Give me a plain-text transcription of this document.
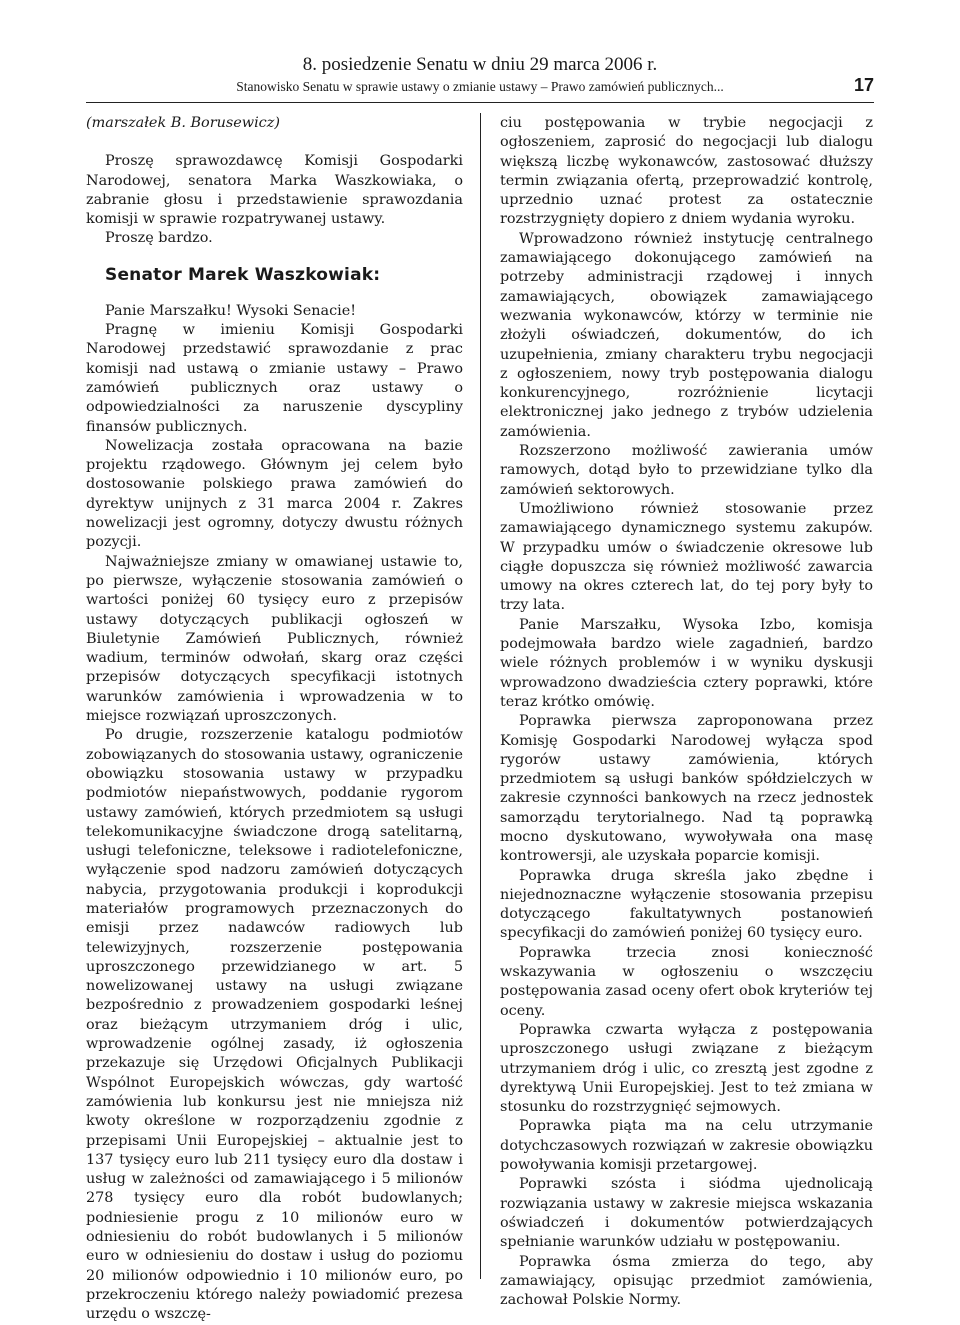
8. posiedzenie Senatu w dniu 29 marca 2006 r.
Stanowisko Senatu w sprawie ustawy o zmianie ustawy – Prawo zamówień publicznych...	17

(marszałek B. Borusewicz)

Proszę sprawozdawcę Komisji Gospodarki Narodowej, senatora Marka Waszkowiaka, o zabranie głosu i przedstawienie sprawozdania komisji w sprawie rozpatrywanej ustawy.

Proszę bardzo.

Senator Marek Waszkowiak:

Panie Marszałku! Wysoki Senacie!

Pragnę w imieniu Komisji Gospodarki Narodowej przedstawić sprawozdanie z prac komisji nad ustawą o zmianie ustawy – Prawo zamówień publicznych oraz ustawy o odpowiedzialności za naruszenie dyscypliny finansów publicznych.

Nowelizacja została opracowana na bazie projektu rządowego. Głównym jej celem było dostosowanie polskiego prawa zamówień do dyrektyw unijnych z 31 marca 2004 r. Zakres nowelizacji jest ogromny, dotyczy dwustu różnych pozycji.

Najważniejsze zmiany w omawianej ustawie to, po pierwsze, wyłączenie stosowania zamówień o wartości poniżej 60 tysięcy euro z przepisów ustawy dotyczących publikacji ogłoszeń w Biuletynie Zamówień Publicznych, również wadium, terminów odwołań, skarg oraz części przepisów dotyczących specyfikacji istotnych warunków zamówienia i wprowadzenia w to miejsce rozwiązań uproszczonych.

Po drugie, rozszerzenie katalogu podmiotów zobowiązanych do stosowania ustawy, ograniczenie obowiązku stosowania ustawy w przypadku podmiotów niepaństwowych, poddanie rygorom ustawy zamówień, których przedmiotem są usługi telekomunikacyjne świadczone drogą satelitarną, usługi telefoniczne, teleksowe i radiotelefoniczne, wyłączenie spod nadzoru zamówień dotyczących nabycia, przygotowania produkcji i koprodukcji materiałów programowych przeznaczonych do emisji przez nadawców radiowych lub telewizyjnych, rozszerzenie postępowania uproszczonego przewidzianego w art. 5 nowelizowanej ustawy na usługi związane bezpośrednio z prowadzeniem gospodarki leśnej oraz bieżącym utrzymaniem dróg i ulic, wprowadzenie ogólnej zasady, iż ogłoszenia przekazuje się Urzędowi Oficjalnych Publikacji Wspólnot Europejskich wówczas, gdy wartość zamówienia lub konkursu jest nie mniejsza niż kwoty określone w rozporządzeniu zgodnie z przepisami Unii Europejskiej – aktualnie jest to 137 tysięcy euro lub 211 tysięcy euro dla dostaw i usług w zależności od zamawiającego i 5 milionów 278 tysięcy euro dla robót budowlanych; podniesienie progu z 10 milionów euro w odniesieniu do robót budowlanych i 5 milionów euro w odniesieniu do dostaw i usług do poziomu 20 milionów odpowiednio i 10 milionów euro, po przekroczeniu którego należy powiadomić prezesa urzędu o wszczę-

ciu postępowania w trybie negocjacji z ogłoszeniem, zaprosić do negocjacji lub dialogu większą liczbę wykonawców, zastosować dłuższy termin związania ofertą, przeprowadzić kontrolę, uprzednio uznać protest za ostatecznie rozstrzygnięty dopiero z dniem wydania wyroku.

Wprowadzono również instytucję centralnego zamawiającego dokonującego zamówień na potrzeby administracji rządowej i innych zamawiających, obowiązek zamawiającego wezwania wykonawców, którzy w terminie nie złożyli oświadczeń, dokumentów, do ich uzupełnienia, zmiany charakteru trybu negocjacji z ogłoszeniem, nowy tryb postępowania dialogu konkurencyjnego, rozróżnienie licytacji elektronicznej jako jednego z trybów udzielenia zamówienia.

Rozszerzono możliwość zawierania umów ramowych, dotąd było to przewidziane tylko dla zamówień sektorowych.

Umożliwiono również stosowanie przez zamawiającego dynamicznego systemu zakupów. W przypadku umów o świadczenie okresowe lub ciągłe dopuszcza się również możliwość zawarcia umowy na okres czterech lat, do tej pory były to trzy lata.

Panie Marszałku, Wysoka Izbo, komisja podejmowała bardzo wiele zagadnień, bardzo wiele różnych problemów i w wyniku dyskusji wprowadzono dwadzieścia cztery poprawki, które teraz krótko omówię.

Poprawka pierwsza zaproponowana przez Komisję Gospodarki Narodowej wyłącza spod rygorów ustawy zamówienia, których przedmiotem są usługi banków spółdzielczych w zakresie czynności bankowych na rzecz jednostek samorządu terytorialnego. Nad tą poprawką mocno dyskutowano, wywoływała ona masę kontrowersji, ale uzyskała poparcie komisji.

Poprawka druga skreśla jako zbędne i niejednoznaczne wyłączenie stosowania przepisu dotyczącego fakultatywnych postanowień specyfikacji do zamówień poniżej 60 tysięcy euro.

Poprawka trzecia znosi konieczność wskazywania w ogłoszeniu o wszczęciu postępowania zasad oceny ofert obok kryteriów tej oceny.

Poprawka czwarta wyłącza z postępowania uproszczonego usługi związane z bieżącym utrzymaniem dróg i ulic, co zresztą jest zgodne z dyrektywą Unii Europejskiej. Jest to też zmiana w stosunku do rozstrzygnięć sejmowych.

Poprawka piąta ma na celu utrzymanie dotychczasowych rozwiązań w zakresie obowiązku powoływania komisji przetargowej.

Poprawki szósta i siódma ujednolicają rozwiązania ustawy w zakresie miejsca wskazania oświadczeń i dokumentów potwierdzających spełnianie warunków udziału w postępowaniu.

Poprawka ósma zmierza do tego, aby zamawiający, opisując przedmiot zamówienia, zachował Polskie Normy.
